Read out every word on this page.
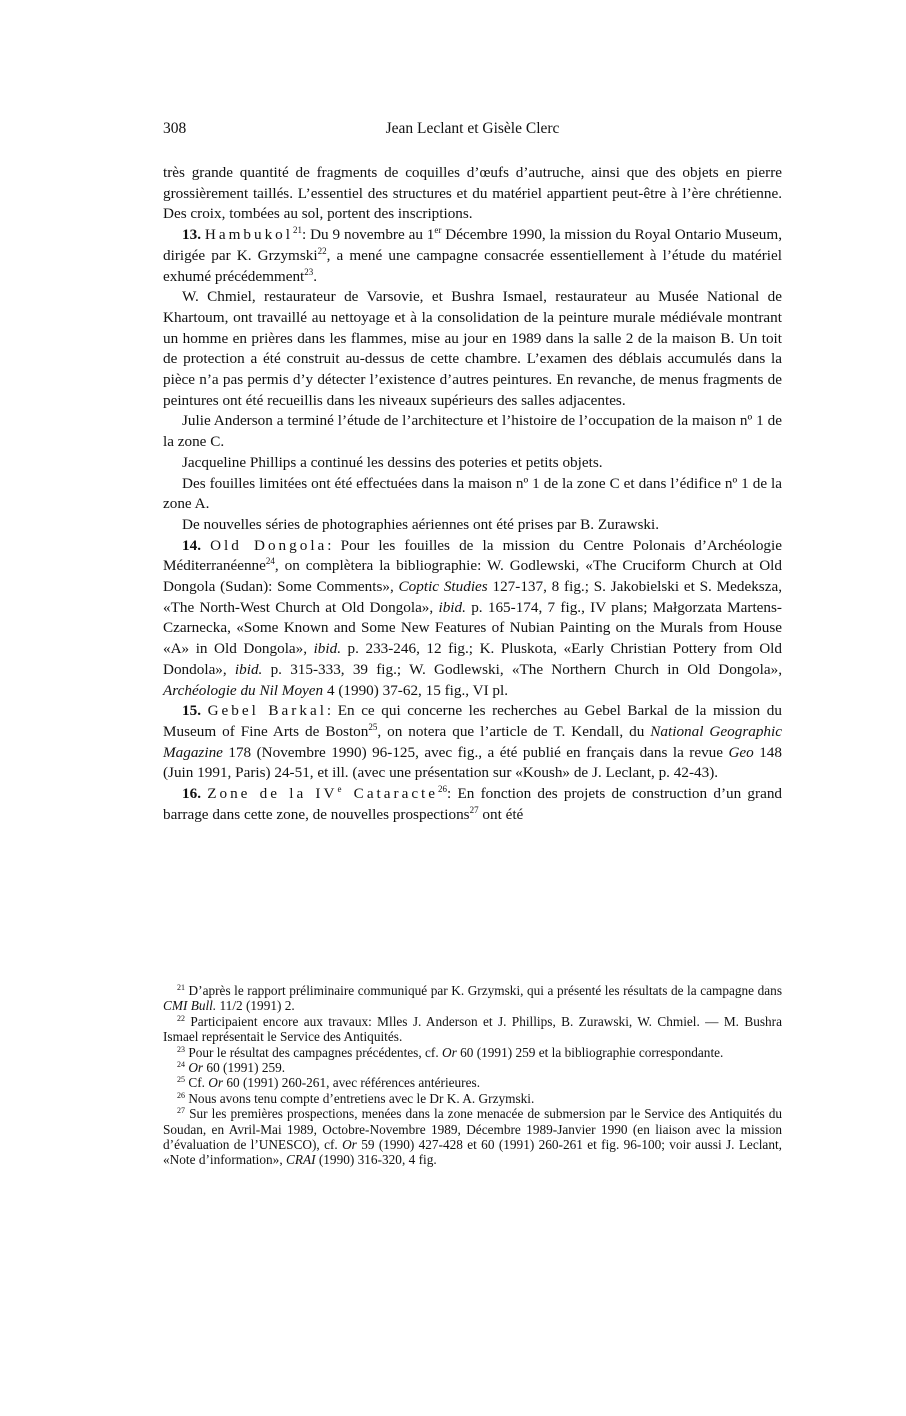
308	Jean Leclant et Gisèle Clerc

très grande quantité de fragments de coquilles d’œufs d’autruche, ainsi que des objets en pierre grossièrement taillés. L’essentiel des structures et du matériel appartient peut-être à l’ère chrétienne. Des croix, tombées au sol, portent des inscriptions.

13. Hambukol$^{21}$: Du 9 novembre au 1er Décembre 1990, la mission du Royal Ontario Museum, dirigée par K. Grzymski$^{22}$, a mené une campagne consacrée essentiellement à l’étude du matériel exhumé précédemment$^{23}$.

W. Chmiel, restaurateur de Varsovie, et Bushra Ismael, restaurateur au Musée National de Khartoum, ont travaillé au nettoyage et à la consolidation de la peinture murale médiévale montrant un homme en prières dans les flammes, mise au jour en 1989 dans la salle 2 de la maison B. Un toit de protection a été construit au-dessus de cette chambre. L’examen des déblais accumulés dans la pièce n’a pas permis d’y détecter l’existence d’autres peintures. En revanche, de menus fragments de peintures ont été recueillis dans les niveaux supérieurs des salles adjacentes.

Julie Anderson a terminé l’étude de l’architecture et l’histoire de l’occupation de la maison nº 1 de la zone C.

Jacqueline Phillips a continué les dessins des poteries et petits objets.

Des fouilles limitées ont été effectuées dans la maison nº 1 de la zone C et dans l’édifice nº 1 de la zone A.

De nouvelles séries de photographies aériennes ont été prises par B. Zurawski.

14. Old Dongola: Pour les fouilles de la mission du Centre Polonais d’Archéologie Méditerranéenne$^{24}$, on complètera la bibliographie: W. Godlewski, «The Cruciform Church at Old Dongola (Sudan): Some Comments», Coptic Studies 127-137, 8 fig.; S. Jakobielski et S. Medeksza, «The North-West Church at Old Dongola», ibid. p. 165-174, 7 fig., IV plans; Małgorzata Martens-Czarnecka, «Some Known and Some New Features of Nubian Painting on the Murals from House «A» in Old Dongola», ibid. p. 233-246, 12 fig.; K. Pluskota, «Early Christian Pottery from Old Dondola», ibid. p. 315-333, 39 fig.; W. Godlewski, «The Northern Church in Old Dongola», Archéologie du Nil Moyen 4 (1990) 37-62, 15 fig., VI pl.

15. Gebel Barkal: En ce qui concerne les recherches au Gebel Barkal de la mission du Museum of Fine Arts de Boston$^{25}$, on notera que l’article de T. Kendall, du National Geographic Magazine 178 (Novembre 1990) 96-125, avec fig., a été publié en français dans la revue Geo 148 (Juin 1991, Paris) 24-51, et ill. (avec une présentation sur «Koush» de J. Leclant, p. 42-43).

16. Zone de la IVe Cataracte$^{26}$: En fonction des projets de construction d’un grand barrage dans cette zone, de nouvelles prospections$^{27}$ ont été

$^{21}$ D’après le rapport préliminaire communiqué par K. Grzymski, qui a présenté les résultats de la campagne dans CMI Bull. 11/2 (1991) 2.

$^{22}$ Participaient encore aux travaux: Mlles J. Anderson et J. Phillips, B. Zurawski, W. Chmiel. — M. Bushra Ismael représentait le Service des Antiquités.

$^{23}$ Pour le résultat des campagnes précédentes, cf. Or 60 (1991) 259 et la bibliographie correspondante.

$^{24}$ Or 60 (1991) 259.

$^{25}$ Cf. Or 60 (1991) 260-261, avec références antérieures.

$^{26}$ Nous avons tenu compte d’entretiens avec le Dr K. A. Grzymski.

$^{27}$ Sur les premières prospections, menées dans la zone menacée de submersion par le Service des Antiquités du Soudan, en Avril-Mai 1989, Octobre-Novembre 1989, Décembre 1989-Janvier 1990 (en liaison avec la mission d’évaluation de l’UNESCO), cf. Or 59 (1990) 427-428 et 60 (1991) 260-261 et fig. 96-100; voir aussi J. Leclant, «Note d’information», CRAI (1990) 316-320, 4 fig.
